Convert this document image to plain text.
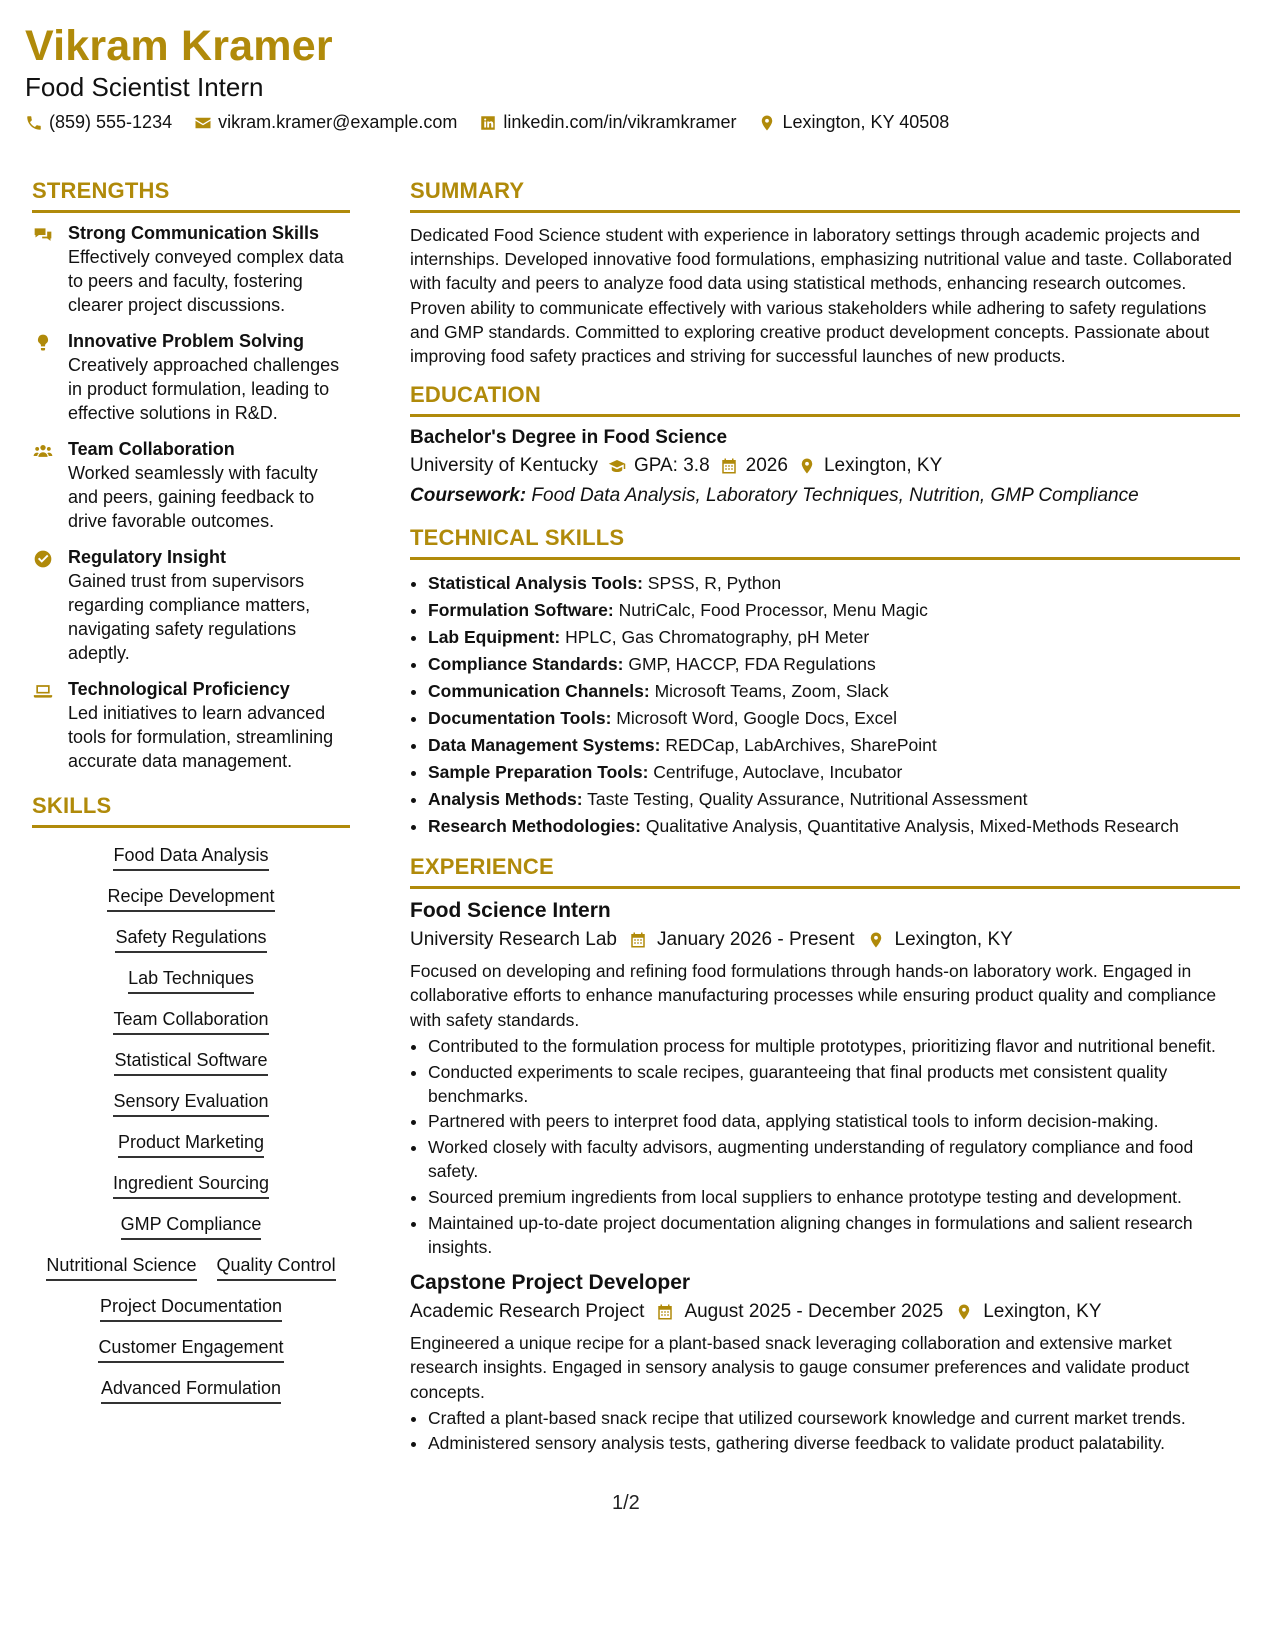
Vikram Kramer
Food Scientist Intern
(859) 555-1234	vikram.kramer@example.com	linkedin.com/in/vikramkramer	Lexington, KY 40508
STRENGTHS
Strong Communication Skills
Effectively conveyed complex data to peers and faculty, fostering clearer project discussions.
Innovative Problem Solving
Creatively approached challenges in product formulation, leading to effective solutions in R&D.
Team Collaboration
Worked seamlessly with faculty and peers, gaining feedback to drive favorable outcomes.
Regulatory Insight
Gained trust from supervisors regarding compliance matters, navigating safety regulations adeptly.
Technological Proficiency
Led initiatives to learn advanced tools for formulation, streamlining accurate data management.
SKILLS
Food Data Analysis
Recipe Development
Safety Regulations
Lab Techniques
Team Collaboration
Statistical Software
Sensory Evaluation
Product Marketing
Ingredient Sourcing
GMP Compliance
Nutritional Science Quality Control
Project Documentation
Customer Engagement
Advanced Formulation
SUMMARY
Dedicated Food Science student with experience in laboratory settings through academic projects and internships. Developed innovative food formulations, emphasizing nutritional value and taste. Collaborated with faculty and peers to analyze food data using statistical methods, enhancing research outcomes. Proven ability to communicate effectively with various stakeholders while adhering to safety regulations and GMP standards. Committed to exploring creative product development concepts. Passionate about improving food safety practices and striving for successful launches of new products.
EDUCATION
Bachelor's Degree in Food Science
University of Kentucky GPA: 3.8 2026 Lexington, KY
Coursework: Food Data Analysis, Laboratory Techniques, Nutrition, GMP Compliance
TECHNICAL SKILLS
• Statistical Analysis Tools: SPSS, R, Python
• Formulation Software: NutriCalc, Food Processor, Menu Magic
• Lab Equipment: HPLC, Gas Chromatography, pH Meter
• Compliance Standards: GMP, HACCP, FDA Regulations
• Communication Channels: Microsoft Teams, Zoom, Slack
• Documentation Tools: Microsoft Word, Google Docs, Excel
• Data Management Systems: REDCap, LabArchives, SharePoint
• Sample Preparation Tools: Centrifuge, Autoclave, Incubator
• Analysis Methods: Taste Testing, Quality Assurance, Nutritional Assessment
• Research Methodologies: Qualitative Analysis, Quantitative Analysis, Mixed-Methods Research
EXPERIENCE
Food Science Intern
University Research Lab January 2026 - Present Lexington, KY
Focused on developing and refining food formulations through hands-on laboratory work. Engaged in collaborative efforts to enhance manufacturing processes while ensuring product quality and compliance with safety standards.
• Contributed to the formulation process for multiple prototypes, prioritizing flavor and nutritional benefit.
• Conducted experiments to scale recipes, guaranteeing that final products met consistent quality benchmarks.
• Partnered with peers to interpret food data, applying statistical tools to inform decision-making.
• Worked closely with faculty advisors, augmenting understanding of regulatory compliance and food safety.
• Sourced premium ingredients from local suppliers to enhance prototype testing and development.
• Maintained up-to-date project documentation aligning changes in formulations and salient research insights.
Capstone Project Developer
Academic Research Project August 2025 - December 2025 Lexington, KY
Engineered a unique recipe for a plant-based snack leveraging collaboration and extensive market research insights. Engaged in sensory analysis to gauge consumer preferences and validate product concepts.
• Crafted a plant-based snack recipe that utilized coursework knowledge and current market trends.
• Administered sensory analysis tests, gathering diverse feedback to validate product palatability.
1/2
